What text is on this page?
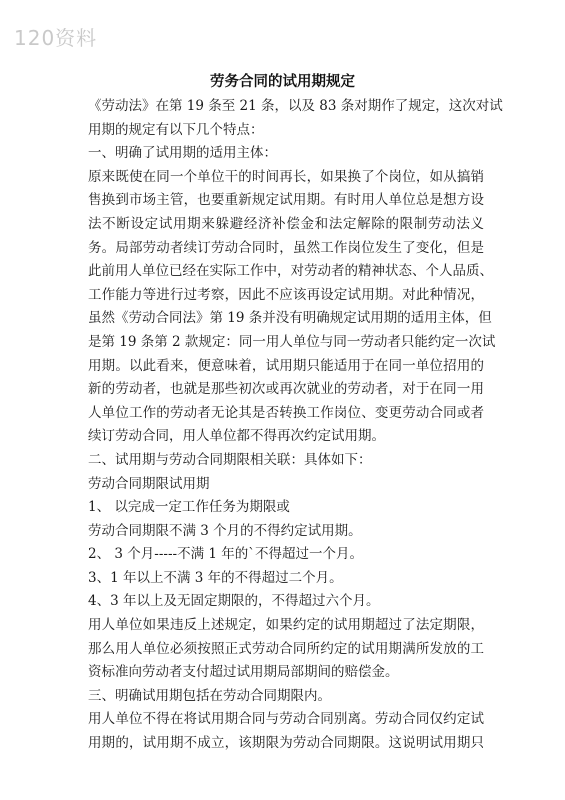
120资料
劳务合同的试用期规定
《劳动法》在第 19 条至 21 条，以及 83 条对期作了规定，这次对试
用期的规定有以下几个特点：
一、明确了试用期的适用主体：
原来既使在同一个单位干的时间再长，如果换了个岗位，如从搞销
售换到市场主管，也要重新规定试用期。有时用人单位总是想方设
法不断设定试用期来躲避经济补偿金和法定解除的限制劳动法义
务。局部劳动者续订劳动合同时，虽然工作岗位发生了变化，但是
此前用人单位已经在实际工作中，对劳动者的精神状态、个人品质、
工作能力等进行过考察，因此不应该再设定试用期。对此种情况，
虽然《劳动合同法》第 19 条并没有明确规定试用期的适用主体，但
是第 19 条第 2 款规定：同一用人单位与同一劳动者只能约定一次试
用期。以此看来，便意味着，试用期只能适用于在同一单位招用的
新的劳动者，也就是那些初次或再次就业的劳动者，对于在同一用
人单位工作的劳动者无论其是否转换工作岗位、变更劳动合同或者
续订劳动合同，用人单位都不得再次约定试用期。
二、试用期与劳动合同期限相关联：具体如下：
劳动合同期限试用期
1、 以完成一定工作任务为期限或
劳动合同期限不满 3 个月的不得约定试用期。
2、 3 个月-----不满 1 年的`不得超过一个月。
3、1 年以上不满 3 年的不得超过二个月。
4、3 年以上及无固定期限的，不得超过六个月。
用人单位如果违反上述规定，如果约定的试用期超过了法定期限，
那么用人单位必须按照正式劳动合同所约定的试用期满所发放的工
资标准向劳动者支付超过试用期局部期间的赔偿金。
三、明确试用期包括在劳动合同期限内。
用人单位不得在将试用期合同与劳动合同别离。劳动合同仅约定试
用期的，试用期不成立，该期限为劳动合同期限。这说明试用期只
